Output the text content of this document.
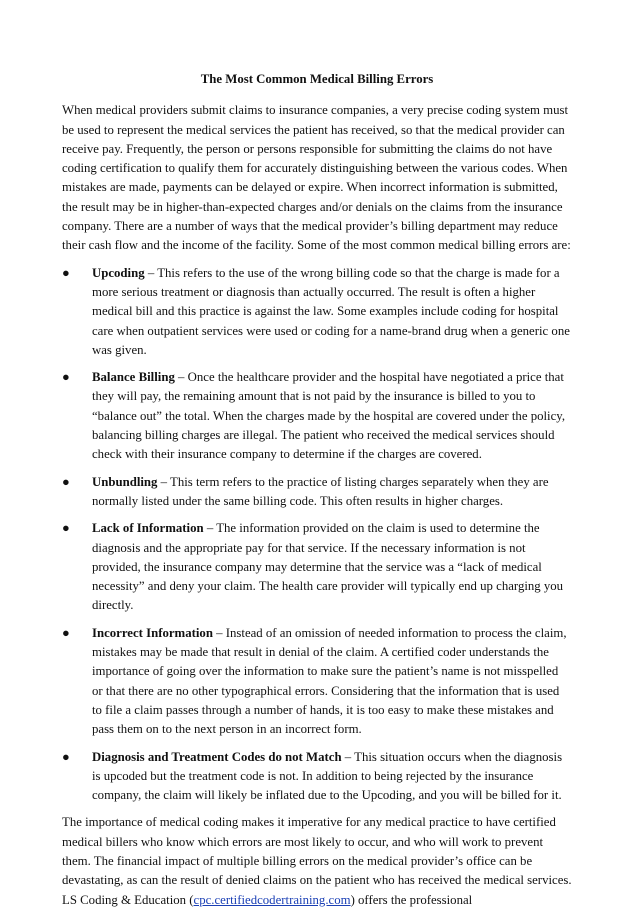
The Most Common Medical Billing Errors

When medical providers submit claims to insurance companies, a very precise coding system must be used to represent the medical services the patient has received, so that the medical provider can receive pay. Frequently, the person or persons responsible for submitting the claims do not have coding certification to qualify them for accurately distinguishing between the various codes. When mistakes are made, payments can be delayed or expire. When incorrect information is submitted, the result may be in higher-than-expected charges and/or denials on the claims from the insurance company. There are a number of ways that the medical provider’s billing department may reduce their cash flow and the income of the facility. Some of the most common medical billing errors are:

●	Upcoding – This refers to the use of the wrong billing code so that the charge is made for a more serious treatment or diagnosis than actually occurred. The result is often a higher medical bill and this practice is against the law. Some examples include coding for hospital care when outpatient services were used or coding for a name-brand drug when a generic one was given.
●	Balance Billing – Once the healthcare provider and the hospital have negotiated a price that they will pay, the remaining amount that is not paid by the insurance is billed to you to “balance out” the total. When the charges made by the hospital are covered under the policy, balancing billing charges are illegal. The patient who received the medical services should check with their insurance company to determine if the charges are covered.
●	Unbundling – This term refers to the practice of listing charges separately when they are normally listed under the same billing code. This often results in higher charges.
●	Lack of Information – The information provided on the claim is used to determine the diagnosis and the appropriate pay for that service. If the necessary information is not provided, the insurance company may determine that the service was a “lack of medical necessity” and deny your claim. The health care provider will typically end up charging you directly.
●	Incorrect Information – Instead of an omission of needed information to process the claim, mistakes may be made that result in denial of the claim. A certified coder understands the importance of going over the information to make sure the patient’s name is not misspelled or that there are no other typographical errors. Considering that the information that is used to file a claim passes through a number of hands, it is too easy to make these mistakes and pass them on to the next person in an incorrect form.
●	Diagnosis and Treatment Codes do not Match – This situation occurs when the diagnosis is upcoded but the treatment code is not. In addition to being rejected by the insurance company, the claim will likely be inflated due to the Upcoding, and you will be billed for it.

The importance of medical coding makes it imperative for any medical practice to have certified medical billers who know which errors are most likely to occur, and who will work to prevent them. The financial impact of multiple billing errors on the medical provider’s office can be devastating, as can the result of denied claims on the patient who has received the medical services. LS Coding & Education (cpc.certifiedcodertraining.com) offers the professional
